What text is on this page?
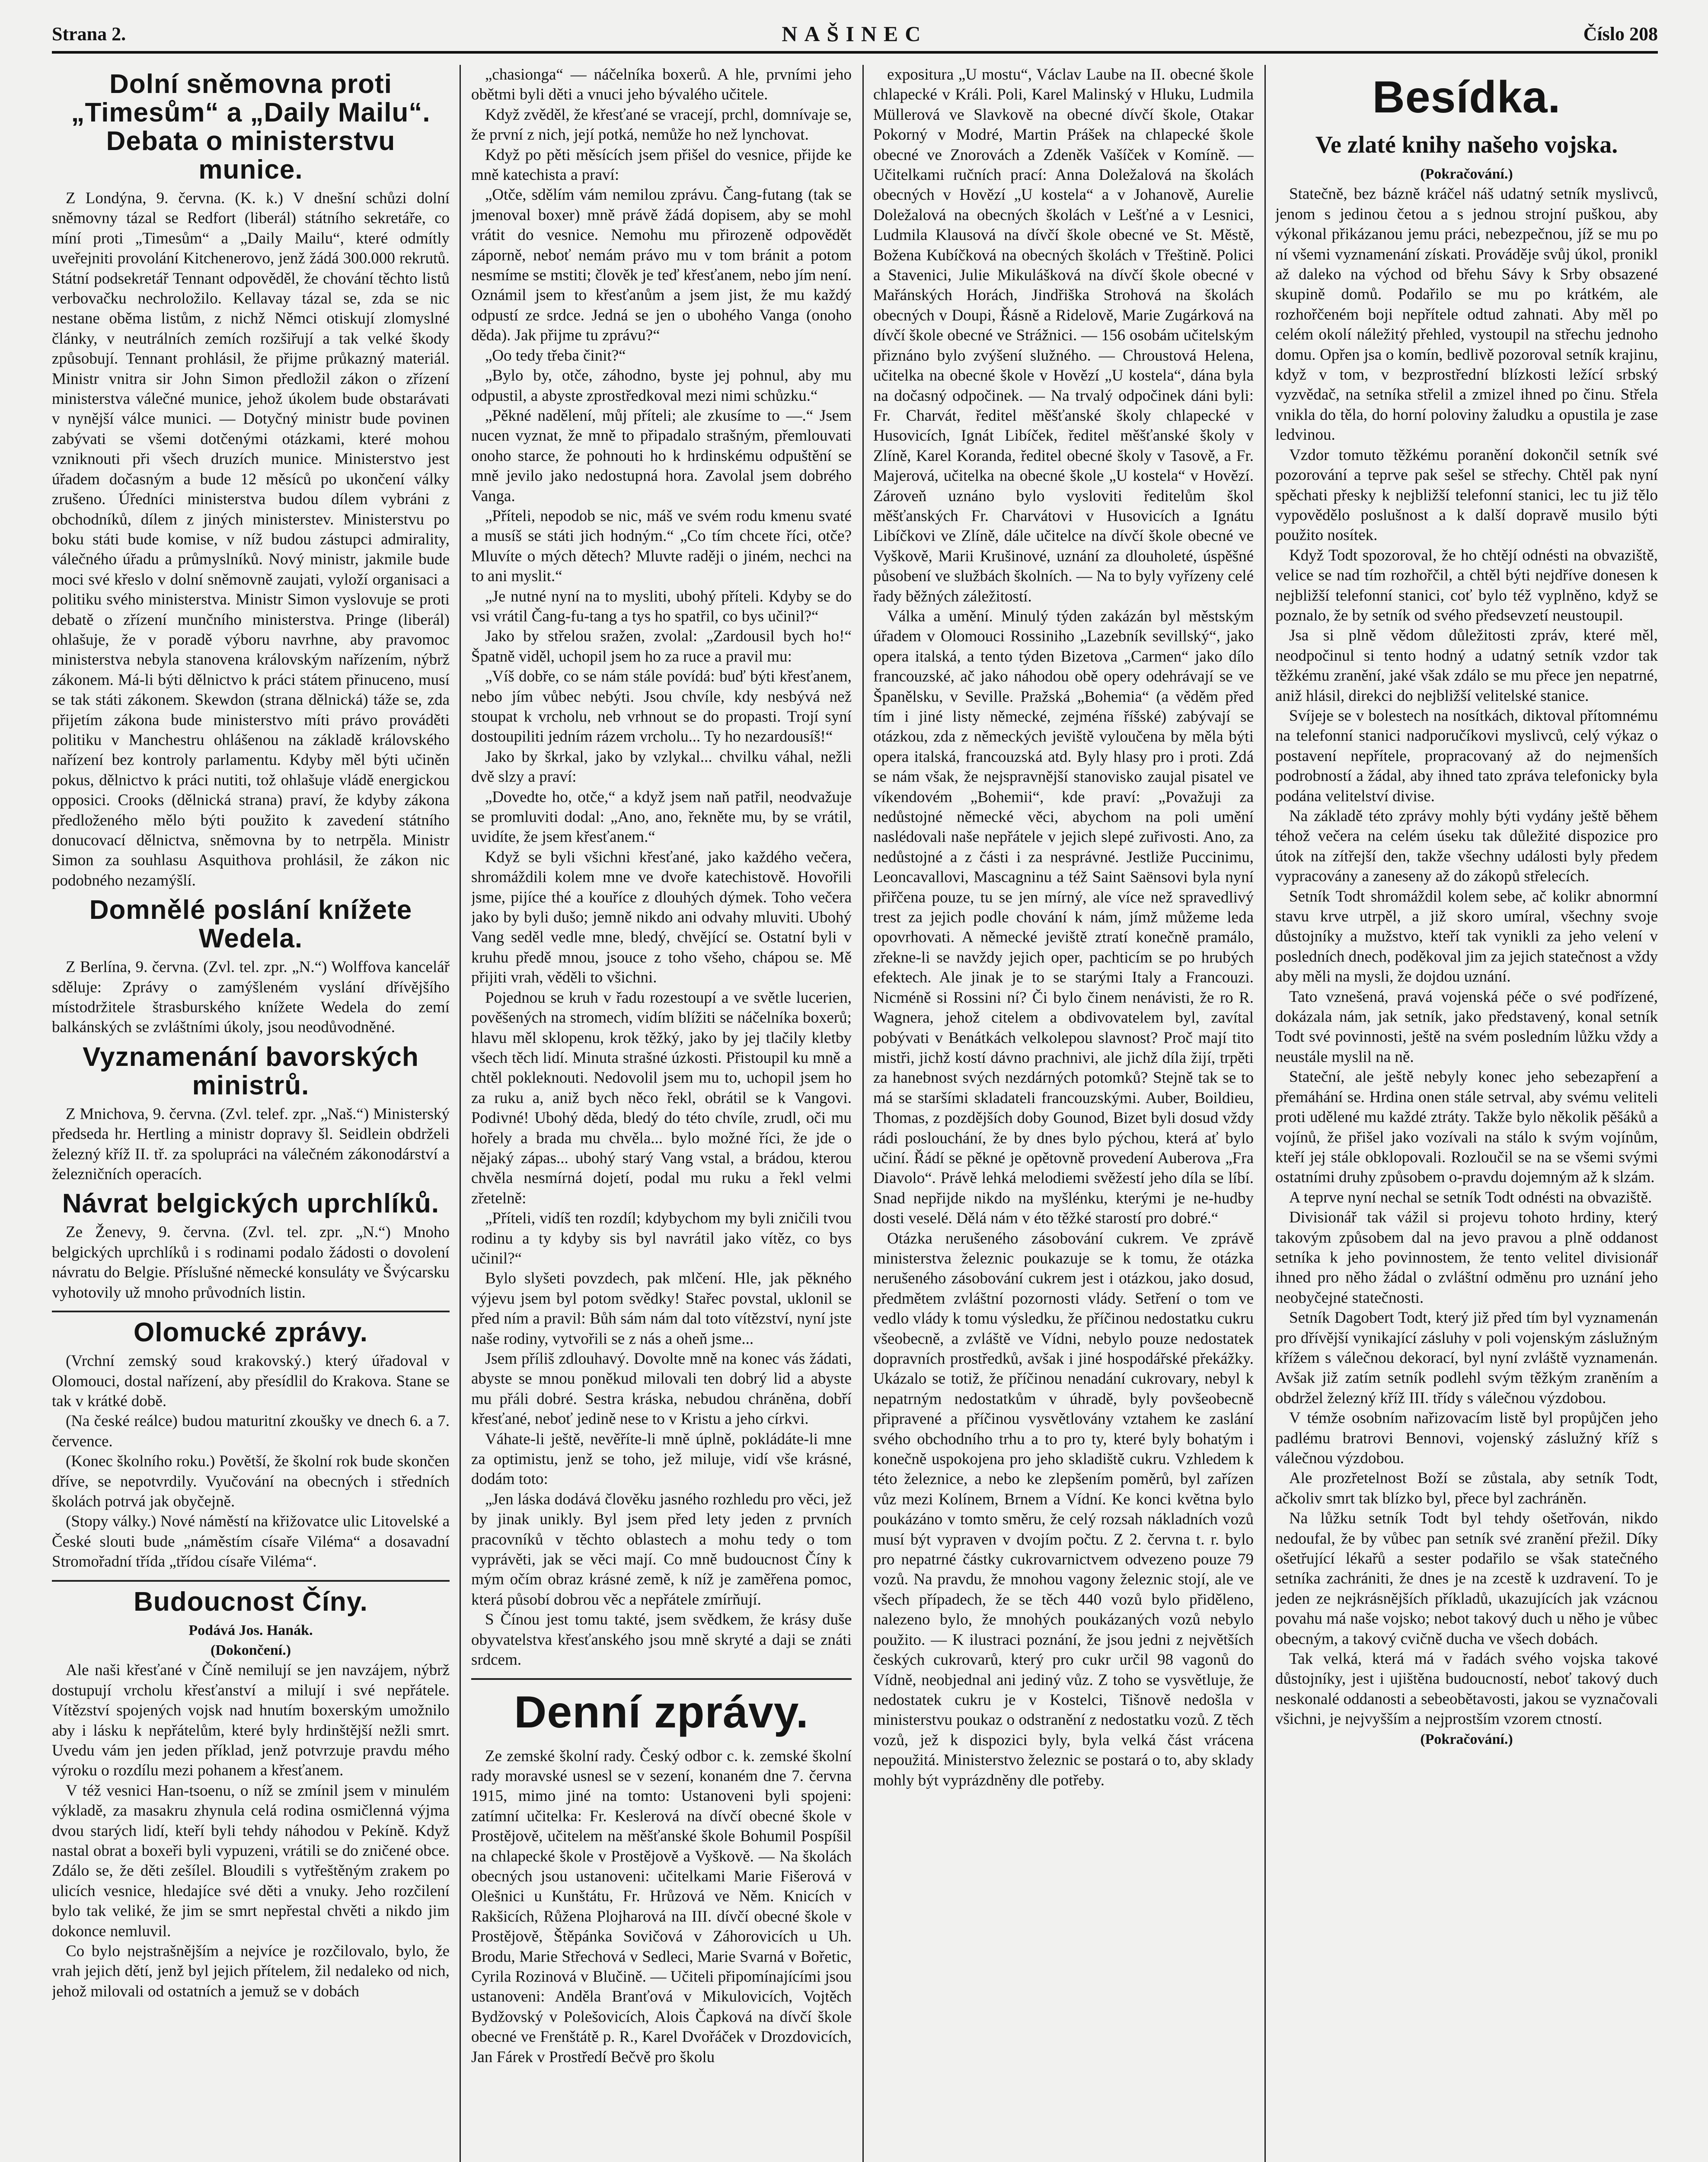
Strana 2.	NAŠINEC	Číslo 208
Dolní sněmovna proti „Timesům“ a „Daily Mailu“. Debata o ministerstvu munice.

Z Londýna, 9. června. (K. k.) V dnešní schůzi dolní sněmovny tázal se Redfort (liberál) státního sekretáře, co míní proti „Timesům“ a „Daily Mailu“, které odmítly uveřejniti provolání Kitchenerovo, jenž žádá 300.000 rekrutů. Státní podsekretář Tennant odpověděl, že chování těchto listů verbovačku nechroložilo. Kellavay tázal se, zda se nic nestane oběma listům, z nichž Němci otiskují zlomyslné články, v neutrálních zemích rozšiřují a tak velké škody způsobují. Tennant prohlásil, že přijme průkazný materiál. Ministr vnitra sir John Simon předložil zákon o zřízení ministerstva válečné munice, jehož úkolem bude obstarávati v nynější válce munici. — Dotyčný ministr bude povinen zabývati se všemi dotčenými otázkami, které mohou vzniknouti při všech druzích munice. Ministerstvo jest úřadem dočasným a bude 12 měsíců po ukončení války zrušeno. Úředníci ministerstva budou dílem vybráni z obchodníků, dílem z jiných ministerstev. Ministerstvu po boku státi bude komise, v níž budou zástupci admirality, válečného úřadu a průmyslníků. Nový ministr, jakmile bude moci své křeslo v dolní sněmovně zaujati, vyloží organisaci a politiku svého ministerstva. Ministr Simon vyslovuje se proti debatě o zřízení munčního ministerstva. Pringe (liberál) ohlašuje, že v poradě výboru navrhne, aby pravomoc ministerstva nebyla stanovena královským nařízením, nýbrž zákonem. Má-li býti dělnictvo k práci státem přinuceno, musí se tak státi zákonem. Skewdon (strana dělnická) táže se, zda přijetím zákona bude ministerstvo míti právo prováděti politiku v Manchestru ohlášenou na základě královského nařízení bez kontroly parlamentu. Kdyby měl býti učiněn pokus, dělnictvo k práci nutiti, tož ohlašuje vládě energickou opposici. Crooks (dělnická strana) praví, že kdyby zákona předloženého mělo býti použito k zavedení státního donucovací dělnictva, sněmovna by to netrpěla. Ministr Simon za souhlasu Asquithova prohlásil, že zákon nic podobného nezamýšlí.

Domnělé poslání knížete Wedela.

Z Berlína, 9. června. (Zvl. tel. zpr. „N.“) Wolffova kancelář sděluje: Zprávy o zamýšleném vyslání dřívějšího místodržitele štrasburského knížete Wedela do zemí balkánských se zvláštními úkoly, jsou neodůvodněné.

Vyznamenání bavorských ministrů.

Z Mnichova, 9. června. (Zvl. telef. zpr. „Naš.“) Ministerský předseda hr. Hertling a ministr dopravy šl. Seidlein obdrželi železný kříž II. tř. za spolupráci na válečném zákonodárství a železničních operacích.

Návrat belgických uprchlíků.

Ze Ženevy, 9. června. (Zvl. tel. zpr. „N.“) Mnoho belgických uprchlíků i s rodinami podalo žádosti o dovolení návratu do Belgie. Příslušné německé konsuláty ve Švýcarsku vyhotovily už mnoho průvodních listin.

Olomucké zprávy.

(Vrchní zemský soud krakovský.) který úřadoval v Olomouci, dostal nařízení, aby přesídlil do Krakova. Stane se tak v krátké době.

(Na české reálce) budou maturitní zkoušky ve dnech 6. a 7. července.

(Konec školního roku.) Povětší, že školní rok bude skončen dříve, se nepotvrdily. Vyučování na obecných i středních školách potrvá jak obyčejně.

(Stopy války.) Nové náměstí na křižovatce ulic Litovelské a České slouti bude „náměstím císaře Viléma“ a dosavadní Stromořadní třída „třídou císaře Viléma“.

Budoucnost Číny.
Podává Jos. Hanák.
(Dokončení.)

Ale naši křesťané v Číně nemilují se jen navzájem, nýbrž dostupují vrcholu křesťanství a milují i své nepřátele. Vítězství spojených vojsk nad hnutím boxerským umožnilo aby i lásku k nepřátelům, které byly hrdinštější nežli smrt. Uvedu vám jen jeden příklad, jenž potvrzuje pravdu mého výroku o rozdílu mezi pohanem a křesťanem.

V též vesnici Han-tsoenu, o níž se zmínil jsem v minulém výkladě, za masakru zhynula celá rodina osmičlenná výjma dvou starých lidí, kteří byli tehdy náhodou v Pekíně. Když nastal obrat a boxeři byli vypuzeni, vrátili se do zničené obce. Zdálo se, že děti zešílel. Bloudili s vytřeštěným zrakem po ulicích vesnice, hledajíce své děti a vnuky. Jeho rozčilení bylo tak veliké, že jim se smrt nepřestal chvěti a nikdo jim dokonce nemluvil.

Co bylo nejstrašnějším a nejvíce je rozčilovalo, bylo, že vrah jejich dětí, jenž byl jejich přítelem, žil nedaleko od nich, jehož milovali od ostatních a jemuž se v dobách

„chasionga“ — náčelníka boxerů. A hle, prvními jeho obětmi byli děti a vnuci jeho bývalého učitele.

Když zvěděl, že křesťané se vracejí, prchl, domnívaje se, že první z nich, její potká, nemůže ho než lynchovat.

Když po pěti měsících jsem přišel do vesnice, přijde ke mně katechista a praví:

„Otče, sdělím vám nemilou zprávu. Čang-futang (tak se jmenoval boxer) mně právě žádá dopisem, aby se mohl vrátit do vesnice. Nemohu mu přirozeně odpovědět záporně, neboť nemám právo mu v tom bránit a potom nesmíme se mstiti; člověk je teď křesťanem, nebo jím není. Oznámil jsem to křesťanům a jsem jist, že mu každý odpustí ze srdce. Jedná se jen o ubohého Vanga (onoho děda). Jak přijme tu zprávu?“

„Oo tedy třeba činit?“

„Bylo by, otče, záhodno, byste jej pohnul, aby mu odpustil, a abyste zprostředkoval mezi nimi schůzku.“

„Pěkné nadělení, můj příteli; ale zkusíme to —.“ Jsem nucen vyznat, že mně to připadalo strašným, přemlouvati onoho starce, že pohnouti ho k hrdinskému odpuštění se mně jevilo jako nedostupná hora. Zavolal jsem dobrého Vanga.

„Příteli, nepodob se nic, máš ve svém rodu kmenu svaté a musíš se státi jich hodným.“ „Co tím chcete říci, otče? Mluvíte o mých dětech? Mluvte raději o jiném, nechci na to ani myslit.“

„Je nutné nyní na to mysliti, ubohý příteli. Kdyby se do vsi vrátil Čang-fu-tang a tys ho spatřil, co bys učinil?“

Jako by střelou sražen, zvolal: „Zardousil bych ho!“ Špatně viděl, uchopil jsem ho za ruce a pravil mu:

„Víš dobře, co se nám stále povídá: buď býti křesťanem, nebo jím vůbec nebýti. Jsou chvíle, kdy nesbývá než stoupat k vrcholu, neb vrhnout se do propasti. Trojí syní dostoupiliti jedním rázem vrcholu... Ty ho nezardousíš!“

Jako by škrkal, jako by vzlykal... chvilku váhal, nežli dvě slzy a praví:

„Dovedte ho, otče,“ a když jsem naň patřil, neodvažuje se promluviti dodal: „Ano, ano, řekněte mu, by se vrátil, uvidíte, že jsem křesťanem.“

Když se byli všichni křesťané, jako každého večera, shromáždili kolem mne ve dvoře katechistově. Hovořili jsme, pijíce thé a kouříce z dlouhých dýmek. Toho večera jako by byli dušo; jemně nikdo ani odvahy mluviti. Ubohý Vang seděl vedle mne, bledý, chvějící se. Ostatní byli v kruhu předě mnou, jsouce z toho všeho, chápou se. Mě přijiti vrah, věděli to všichni.

Pojednou se kruh v řadu rozestoupí a ve světle lucerien, pověšených na stromech, vidím blížiti se náčelníka boxerů; hlavu měl sklopenu, krok těžký, jako by jej tlačily kletby všech těch lidí. Minuta strašné úzkosti. Přistoupil ku mně a chtěl pokleknouti. Nedovolil jsem mu to, uchopil jsem ho za ruku a, aniž bych něco řekl, obrátil se k Vangovi. Podivné! Ubohý děda, bledý do této chvíle, zrudl, oči mu hořely a brada mu chvěla... bylo možné říci, že jde o nějaký zápas... ubohý starý Vang vstal, a brádou, kterou chvěla nesmírná dojetí, podal mu ruku a řekl velmi zřetelně:

„Příteli, vidíš ten rozdíl; kdybychom my byli zničili tvou rodinu a ty kdyby sis byl navrátil jako vítěz, co bys učinil?“

Bylo slyšeti povzdech, pak mlčení. Hle, jak pěkného výjevu jsem byl potom svědky! Stařec povstal, uklonil se před ním a pravil: Bůh sám nám dal toto vítězství, nyní jste naše rodiny, vytvořili se z nás a oheň jsme...

Jsem příliš zdlouhavý. Dovolte mně na konec vás žádati, abyste se mnou poněkud milovali ten dobrý lid a abyste mu přáli dobré. Sestra kráska, nebudou chráněna, dobří křesťané, neboť jedině nese to v Kristu a jeho církvi.

Váhate-li ještě, nevěříte-li mně úplně, pokládáte-li mne za optimistu, jenž se toho, jež miluje, vidí vše krásné, dodám toto:

„Jen láska dodává člověku jasného rozhledu pro věci, jež by jinak unikly. Byl jsem před lety jeden z prvních pracovníků v těchto oblastech a mohu tedy o tom vyprávěti, jak se věci mají. Co mně budoucnost Číny k mým očím obraz krásné země, k níž je zaměřena pomoc, která působí dobrou věc a nepřátele zmírňují.

S Čínou jest tomu takté, jsem svědkem, že krásy duše obyvatelstva křesťanského jsou mně skryté a daji se znáti srdcem.

Denní zprávy.

Ze zemské školní rady. Český odbor c. k. zemské školní rady moravské usnesl se v sezení, konaném dne 7. června 1915, mimo jiné na tomto: Ustanoveni byli spojeni: zatímní učitelka: Fr. Keslerová na dívčí obecné škole v Prostějově, učitelem na měšťanské škole Bohumil Pospíšil na chlapecké škole v Prostějově a Vyškově. — Na školách obecných jsou ustanoveni: učitelkami Marie Fišerová v Olešnici u Kunštátu, Fr. Hrůzová ve Něm. Knicích v Rakšicích, Růžena Plojharová na III. dívčí obecné škole v Prostějově, Štěpánka Sovičová v Záhorovicích u Uh. Brodu, Marie Střechová v Sedleci, Marie Svarná v Bořetic, Cyrila Rozinová v Blučině. — Učiteli připomínajícími jsou ustanoveni: Anděla Branťová v Mikulovicích, Vojtěch Bydžovský v Polešovicích, Alois Čapková na dívčí škole obecné ve Frenštátě p. R., Karel Dvořáček v Drozdovicích, Jan Fárek v Prostředí Bečvě pro školu

expositura „U mostu“, Václav Laube na II. obecné škole chlapecké v Králi. Poli, Karel Malinský v Hluku, Ludmila Müllerová ve Slavkově na obecné dívčí škole, Otakar Pokorný v Modré, Martin Prášek na chlapecké škole obecné ve Znorovách a Zdeněk Vašíček v Komíně. — Učitelkami ručních prací: Anna Doležalová na školách obecných v Hovězí „U kostela“ a v Johanově, Aurelie Doležalová na obecných školách v Lešťné a v Lesnici, Ludmila Klausová na dívčí škole obecné ve St. Městě, Božena Kubíčková na obecných školách v Třeštině. Polici a Stavenici, Julie Mikulášková na dívčí škole obecné v Mařánských Horách, Jindřiška Strohová na školách obecných v Doupi, Řásně a Ridelově, Marie Zugárková na dívčí škole obecné ve Strážnici. — 156 osobám učitelským přiznáno bylo zvýšení služného. — Chroustová Helena, učitelka na obecné škole v Hovězí „U kostela“, dána byla na dočasný odpočinek. — Na trvalý odpočinek dáni byli: Fr. Charvát, ředitel měšťanské školy chlapecké v Husovicích, Ignát Libíček, ředitel měšťanské školy v Zlíně, Karel Koranda, ředitel obecné školy v Tasově, a Fr. Majerová, učitelka na obecné škole „U kostela“ v Hovězí. Zároveň uznáno bylo vysloviti ředitelům škol měšťanských Fr. Charvátovi v Husovicích a Ignátu Libíčkovi ve Zlíně, dále učitelce na dívčí škole obecné ve Vyškově, Marii Krušinové, uznání za dlouholeté, úspěšné působení ve službách školních. — Na to byly vyřízeny celé řady běžných záležitostí.

Válka a umění. Minulý týden zakázán byl městským úřadem v Olomouci Rossiniho „Lazebník sevillský“, jako opera italská, a tento týden Bizetova „Carmen“ jako dílo francouzské, ač jako náhodou obě opery odehrávají se ve Španělsku, v Seville. Pražská „Bohemia“ (a věděm před tím i jiné listy německé, zejména říšské) zabývají se otázkou, zda z německých jeviště vyloučena by měla býti opera italská, francouzská atd. Byly hlasy pro i proti. Zdá se nám však, že nejspravnější stanovisko zaujal pisatel ve víkendovém „Bohemii“, kde praví: „Považuji za nedůstojné německé věci, abychom na poli umění naslédovali naše nepřátele v jejich slepé zuřivosti. Ano, za nedůstojné a z části i za nesprávné. Jestliže Puccinimu, Leoncavallovi, Mascagninu a též Saint Saënsovi byla nyní přiřčena pouze, tu se jen mírný, ale více než spravedlivý trest za jejich podle chování k nám, jímž můžeme leda opovrhovati. A německé jeviště ztratí konečně pramálo, zřekne-li se navždy jejich oper, pachticím se po hrubých efektech. Ale jinak je to se starými Italy a Francouzi. Nicméně si Rossini ní? Či bylo činem nenávisti, že ro R. Wagnera, jehož citelem a obdivovatelem byl, zavítal pobývati v Benátkách velkolepou slavnost? Proč mají tito mistři, jichž kostí dávno prachnivi, ale jichž díla žijí, trpěti za hanebnost svých nezdárných potomků? Stejně tak se to má se staršími skladateli francouzskými. Auber, Boildieu, Thomas, z pozdějších doby Gounod, Bizet byli dosud vždy rádi poslouchání, že by dnes bylo pýchou, která ať bylo učiní. Řádí se pěkné je opětovně provedení Auberova „Fra Diavolo“. Právě lehká melodiemi svěžestí jeho díla se líbí. Snad nepřijde nikdo na myšlénku, kterými je ne-hudby dosti veselé. Dělá nám v éto těžké starostí pro dobré.“

Otázka nerušeného zásobování cukrem. Ve zprávě ministerstva železnic poukazuje se k tomu, že otázka nerušeného zásobování cukrem jest i otázkou, jako dosud, předmětem zvláštní pozornosti vlády. Setření o tom ve vedlo vlády k tomu výsledku, že příčinou nedostatku cukru všeobecně, a zvláště ve Vídni, nebylo pouze nedostatek dopravních prostředků, avšak i jiné hospodářské překážky. Ukázalo se totiž, že příčinou nenadání cukrovary, nebyl k nepatrným nedostatkům v úhradě, byly povšeobecně připravené a příčinou vysvětlovány vztahem ke zaslání svého obchodního trhu a to pro ty, které byly bohatým i konečně uspokojena pro jeho skladiště cukru. Vzhledem k této železnice, a nebo ke zlepšením poměrů, byl zařízen vůz mezi Kolínem, Brnem a Vídní. Ke konci května bylo poukázáno v tomto směru, že celý rozsah nákladních vozů musí být vypraven v dvojím počtu. Z 2. června t. r. bylo pro nepatrné částky cukrovarnictvem odvezeno pouze 79 vozů. Na pravdu, že mnohou vagony železnic stojí, ale ve všech případech, že se těch 440 vozů bylo přiděleno, nalezeno bylo, že mnohých poukázaných vozů nebylo použito. — K ilustraci poznání, že jsou jedni z největších českých cukrovarů, který pro cukr určil 98 vagonů do Vídně, neobjednal ani jediný vůz. Z toho se vysvětluje, že nedostatek cukru je v Kostelci, Tišnově nedošla v ministerstvu poukaz o odstranění z nedostatku vozů. Z těch vozů, jež k dispozici byly, byla velká část vrácena nepoužitá. Ministerstvo železnic se postará o to, aby sklady mohly být vyprázdněny dle potřeby.

Besídka.
Ve zlaté knihy našeho vojska.
(Pokračování.)

Statečně, bez bázně kráčel náš udatný setník myslivců, jenom s jedinou četou a s jednou strojní puškou, aby výkonal přikázanou jemu práci, nebezpečnou, jíž se mu po ní všemi vyznamenání získati. Prováděje svůj úkol, pronikl až daleko na východ od břehu Sávy k Srby obsazené skupině domů. Podařilo se mu po krátkém, ale rozhořčeném boji nepřítele odtud zahnati. Aby měl po celém okolí náležitý přehled, vystoupil na střechu jednoho domu. Opřen jsa o komín, bedlivě pozoroval setník krajinu, když v tom, v bezprostřední blízkosti ležící srbský vyzvědač, na setníka střelil a zmizel ihned po činu. Střela vnikla do těla, do horní poloviny žaludku a opustila je zase ledvinou.

Vzdor tomuto těžkému poranění dokončil setník své pozorování a teprve pak sešel se střechy. Chtěl pak nyní spěchati přesky k nejbližší telefonní stanici, lec tu již tělo vypovědělo poslušnost a k další dopravě musilo býti použito nosítek.

Když Todt spozoroval, že ho chtějí odnésti na obvaziště, velice se nad tím rozhořčil, a chtěl býti nejdříve donesen k nejbližší telefonní stanici, coť bylo též vyplněno, když se poznalo, že by setník od svého předsevzetí neustoupil.

Jsa si plně vědom důležitosti zpráv, které měl, neodpočinul si tento hodný a udatný setník vzdor tak těžkému zranění, jaké však zdálo se mu přece jen nepatrné, aniž hlásil, direkci do nejbližší velitelské stanice.

Svíjeje se v bolestech na nosítkách, diktoval přítomnému na telefonní stanici nadporučíkovi myslivců, celý výkaz o postavení nepřítele, propracovaný až do nejmenších podrobností a žádal, aby ihned tato zpráva telefonicky byla podána velitelství divise.

Na základě této zprávy mohly býti vydány ještě během téhož večera na celém úseku tak důležité dispozice pro útok na zítřejší den, takže všechny události byly předem vypracovány a zaneseny až do zákopů střelecích.

Setník Todt shromáždil kolem sebe, ač kolikr abnormní stavu krve utrpěl, a již skoro umíral, všechny svoje důstojníky a mužstvo, kteří tak vynikli za jeho velení v posledních dnech, poděkoval jim za jejich statečnost a vždy aby měli na mysli, že dojdou uznání.

Tato vznešená, pravá vojenská péče o své podřízené, dokázala nám, jak setník, jako představený, konal setník Todt své povinnosti, ještě na svém posledním lůžku vždy a neustále myslil na ně.

Stateční, ale ještě nebyly konec jeho sebezapření a přemáhání se. Hrdina onen stále setrval, aby svému veliteli proti udělené mu každé ztráty. Takže bylo několik pěšáků a vojínů, že přišel jako vozívali na stálo k svým vojínům, kteří jej stále obklopovali. Rozloučil se na se všemi svými ostatními druhy způsobem o-pravdu dojemným až k slzám.

A teprve nyní nechal se setník Todt odnésti na obvaziště.

Divisionář tak vážil si projevu tohoto hrdiny, který takovým způsobem dal na jevo pravou a plně oddanost setníka k jeho povinnostem, že tento velitel divisionář ihned pro něho žádal o zvláštní odměnu pro uznání jeho neobyčejné statečnosti.

Setník Dagobert Todt, který již před tím byl vyznamenán pro dřívější vynikající zásluhy v poli vojenským záslužným křížem s válečnou dekorací, byl nyní zvláště vyznamenán. Avšak již zatím setník podlehl svým těžkým zraněním a obdržel železný kříž III. třídy s válečnou výzdobou.

V témže osobním nařizovacím listě byl propůjčen jeho padlému bratrovi Bennovi, vojenský záslužný kříž s válečnou výzdobou.

Ale prozřetelnost Boží se zůstala, aby setník Todt, ačkoliv smrt tak blízko byl, přece byl zachráněn.

Na lůžku setník Todt byl tehdy ošetřován, nikdo nedoufal, že by vůbec pan setník své zranění přežil. Díky ošetřující lékařů a sester podařilo se však statečného setníka zachrániti, že dnes je na zcestě k uzdravení. To je jeden ze nejkrásnějších příkladů, ukazujících jak vzácnou povahu má naše vojsko; nebot takový duch u něho je vůbec obecným, a takový cvičně ducha ve všech dobách.

Tak velká, která má v řadách svého vojska takové důstojníky, jest i ujištěna budoucností, neboť takový duch neskonalé oddanosti a sebeobětavosti, jakou se vyznačovali všichni, je nejvyšším a nejprostším vzorem ctností.

(Pokračování.)
